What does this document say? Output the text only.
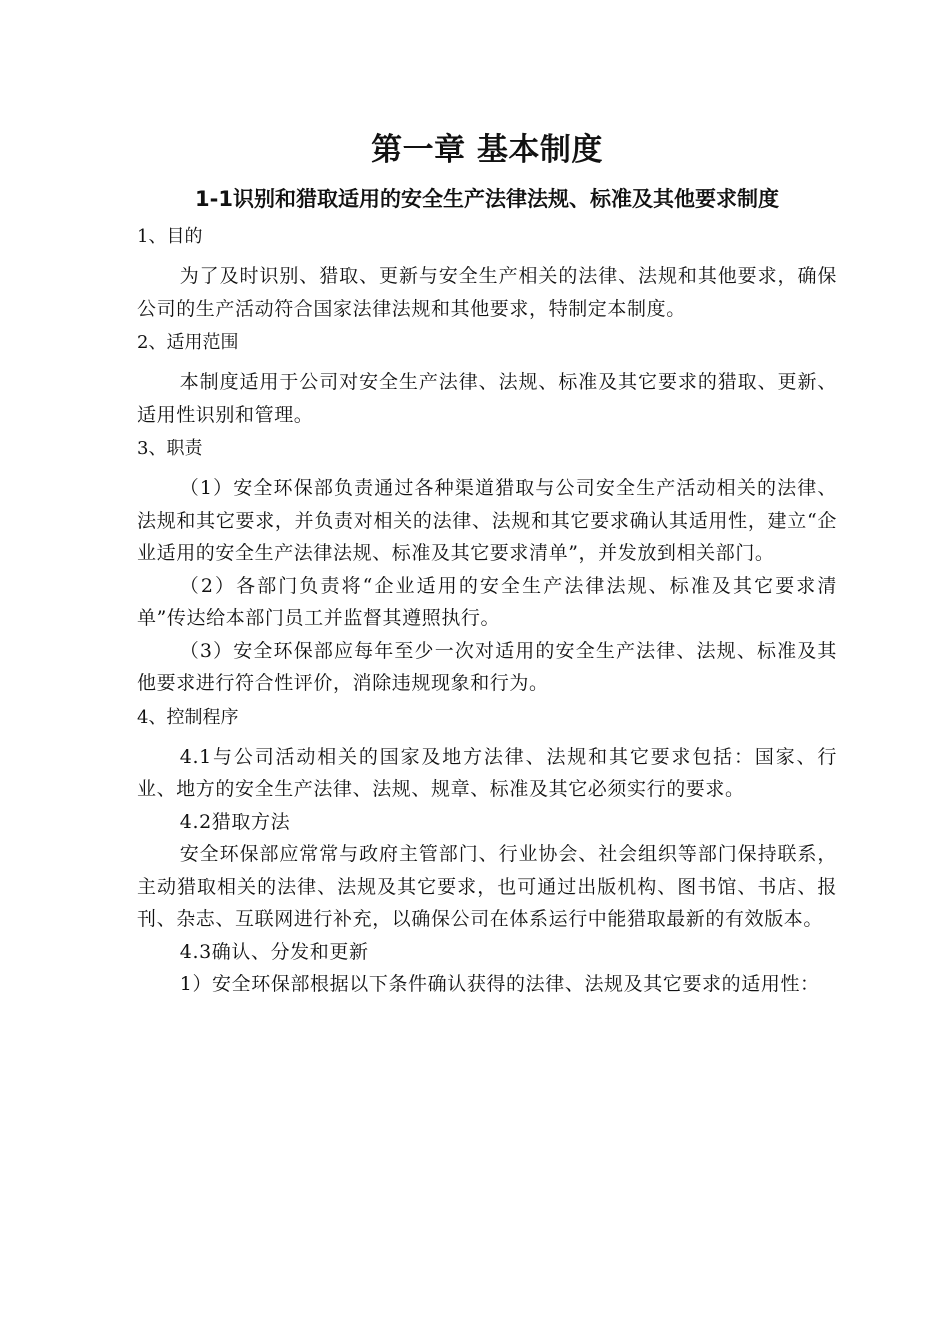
第一章 基本制度
1-1识别和猎取适用的安全生产法律法规、标准及其他要求制度

1、目的

为了及时识别、猎取、更新与安全生产相关的法律、法规和其他要求，确保公司的生产活动符合国家法律法规和其他要求，特制定本制度。

2、适用范围

本制度适用于公司对安全生产法律、法规、标准及其它要求的猎取、更新、适用性识别和管理。

3、职责

（1）安全环保部负责通过各种渠道猎取与公司安全生产活动相关的法律、法规和其它要求，并负责对相关的法律、法规和其它要求确认其适用性，建立“企业适用的安全生产法律法规、标准及其它要求清单”，并发放到相关部门。

（2）各部门负责将“企业适用的安全生产法律法规、标准及其它要求清单”传达给本部门员工并监督其遵照执行。

（3）安全环保部应每年至少一次对适用的安全生产法律、法规、标准及其他要求进行符合性评价，消除违规现象和行为。

4、控制程序

4.1与公司活动相关的国家及地方法律、法规和其它要求包括：国家、行业、地方的安全生产法律、法规、规章、标准及其它必须实行的要求。

4.2猎取方法

安全环保部应常常与政府主管部门、行业协会、社会组织等部门保持联系，主动猎取相关的法律、法规及其它要求，也可通过出版机构、图书馆、书店、报刊、杂志、互联网进行补充，以确保公司在体系运行中能猎取最新的有效版本。

4.3确认、分发和更新

1）安全环保部根据以下条件确认获得的法律、法规及其它要求的适用性：
